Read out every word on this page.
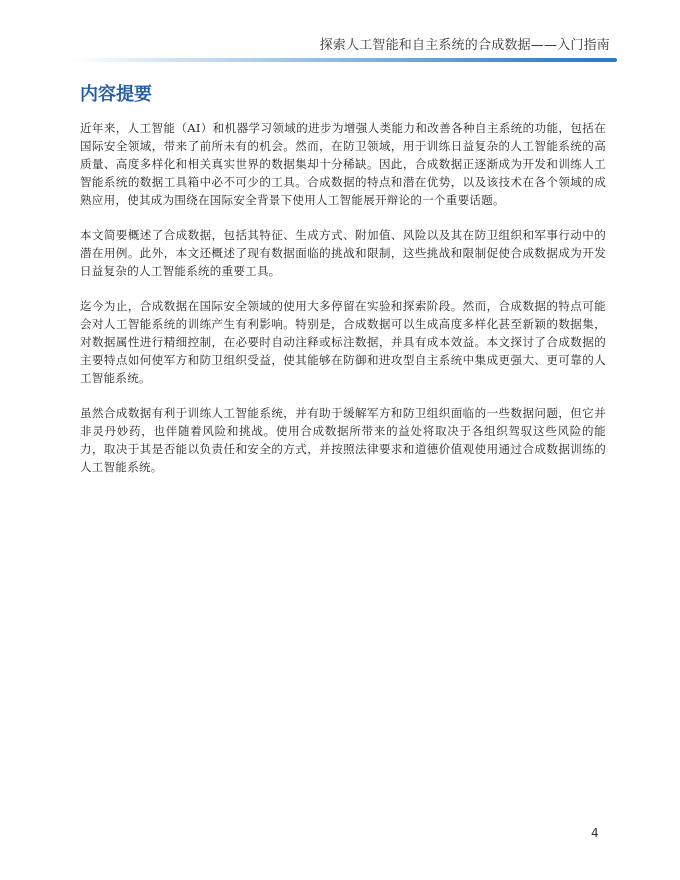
探索人工智能和自主系统的合成数据——入门指南
内容提要

近年来，人工智能（AI）和机器学习领域的进步为增强人类能力和改善各种自主系统的功能，包括在国际安全领域，带来了前所未有的机会。然而，在防卫领域，用于训练日益复杂的人工智能系统的高质量、高度多样化和相关真实世界的数据集却十分稀缺。因此，合成数据正逐渐成为开发和训练人工智能系统的数据工具箱中必不可少的工具。合成数据的特点和潜在优势，以及该技术在各个领域的成熟应用，使其成为围绕在国际安全背景下使用人工智能展开辩论的一个重要话题。

本文简要概述了合成数据，包括其特征、生成方式、附加值、风险以及其在防卫组织和军事行动中的潜在用例。此外，本文还概述了现有数据面临的挑战和限制，这些挑战和限制促使合成数据成为开发日益复杂的人工智能系统的重要工具。

迄今为止，合成数据在国际安全领域的使用大多停留在实验和探索阶段。然而，合成数据的特点可能会对人工智能系统的训练产生有利影响。特别是，合成数据可以生成高度多样化甚至新颖的数据集，对数据属性进行精细控制，在必要时自动注释或标注数据，并具有成本效益。本文探讨了合成数据的主要特点如何使军方和防卫组织受益，使其能够在防御和进攻型自主系统中集成更强大、更可靠的人工智能系统。

虽然合成数据有利于训练人工智能系统，并有助于缓解军方和防卫组织面临的一些数据问题，但它并非灵丹妙药，也伴随着风险和挑战。使用合成数据所带来的益处将取决于各组织驾驭这些风险的能力，取决于其是否能以负责任和安全的方式，并按照法律要求和道德价值观使用通过合成数据训练的人工智能系统。

4
